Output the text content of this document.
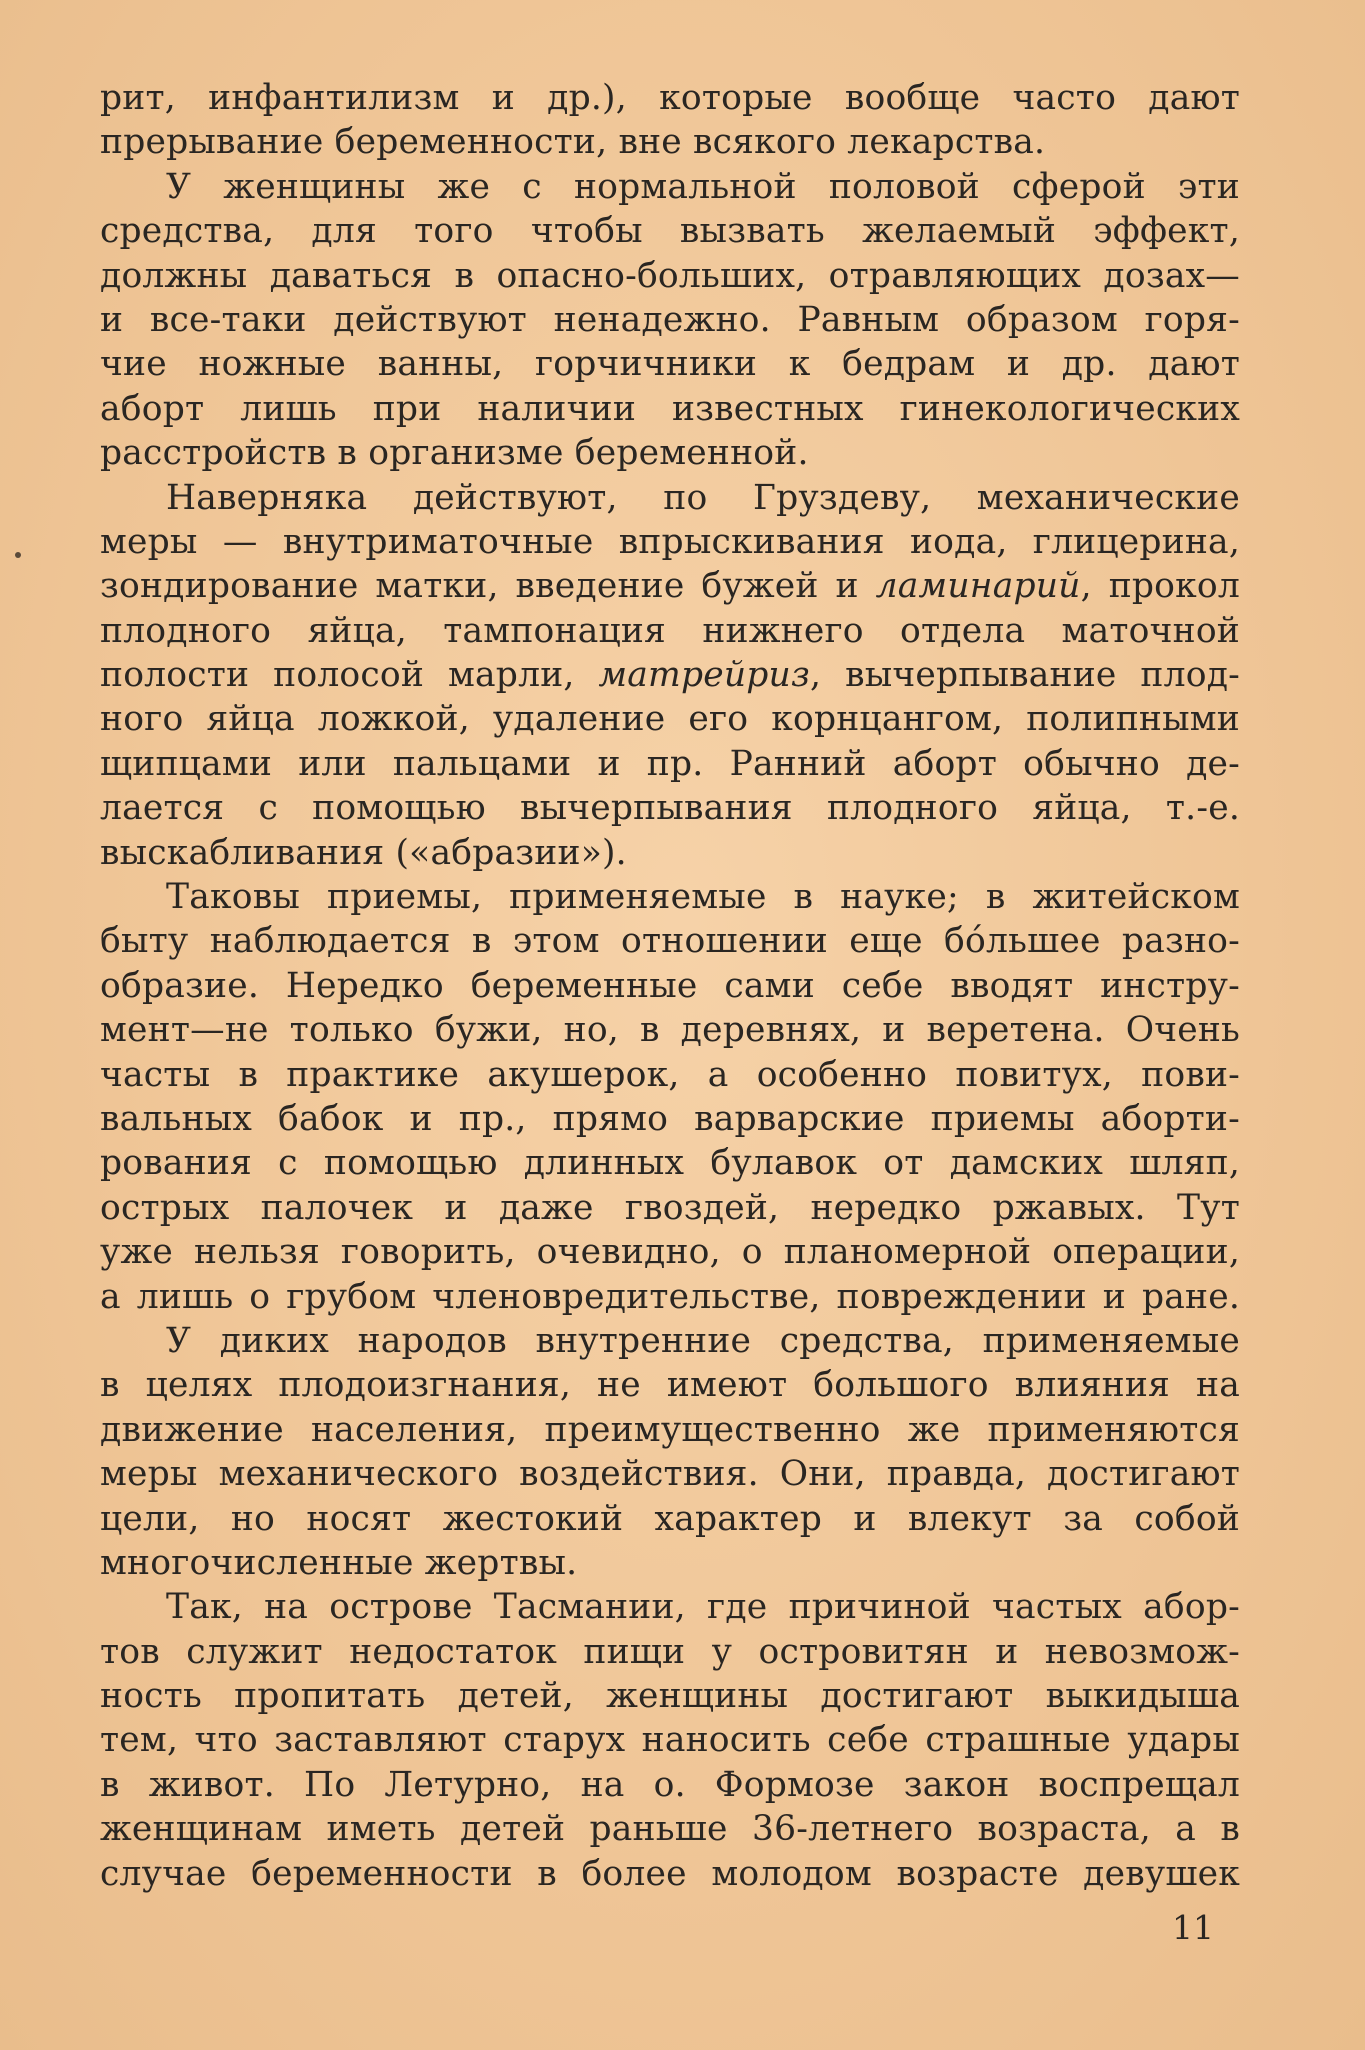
рит, инфантилизм и др.), которые вообще часто дают
прерывание беременности, вне всякого лекарства.
У женщины же с нормальной половой сферой эти
средства, для того чтобы вызвать желаемый эффект,
должны даваться в опасно-больших, отравляющих дозах—
и все-таки действуют ненадежно. Равным образом горя-
чие ножные ванны, горчичники к бедрам и др. дают
аборт лишь при наличии известных гинекологических
расстройств в организме беременной.
Наверняка действуют, по Груздеву, механические
меры — внутриматочные впрыскивания иода, глицерина,
зондирование матки, введение бужей и ламинарий, прокол
плодного яйца, тампонация нижнего отдела маточной
полости полосой марли, матрейриз, вычерпывание плод-
ного яйца ложкой, удаление его корнцангом, полипными
щипцами или пальцами и пр. Ранний аборт обычно де-
лается с помощью вычерпывания плодного яйца, т.-е.
выскабливания («абразии»).
Таковы приемы, применяемые в науке; в житейском
быту наблюдается в этом отношении еще бо́льшее разно-
образие. Нередко беременные сами себе вводят инстру-
мент—не только бужи, но, в деревнях, и веретена. Очень
часты в практике акушерок, а особенно повитух, пови-
вальных бабок и пр., прямо варварские приемы аборти-
рования с помощью длинных булавок от дамских шляп,
острых палочек и даже гвоздей, нередко ржавых. Тут
уже нельзя говорить, очевидно, о планомерной операции,
а лишь о грубом членовредительстве, повреждении и ране.
У диких народов внутренние средства, применяемые
в целях плодоизгнания, не имеют большого влияния на
движение населения, преимущественно же применяются
меры механического воздействия. Они, правда, достигают
цели, но носят жестокий характер и влекут за собой
многочисленные жертвы.
Так, на острове Тасмании, где причиной частых абор-
тов служит недостаток пищи у островитян и невозмож-
ность пропитать детей, женщины достигают выкидыша
тем, что заставляют старух наносить себе страшные удары
в живот. По Летурно, на о. Формозе закон воспрещал
женщинам иметь детей раньше 36-летнего возраста, а в
случае беременности в более молодом возрасте девушек
11
